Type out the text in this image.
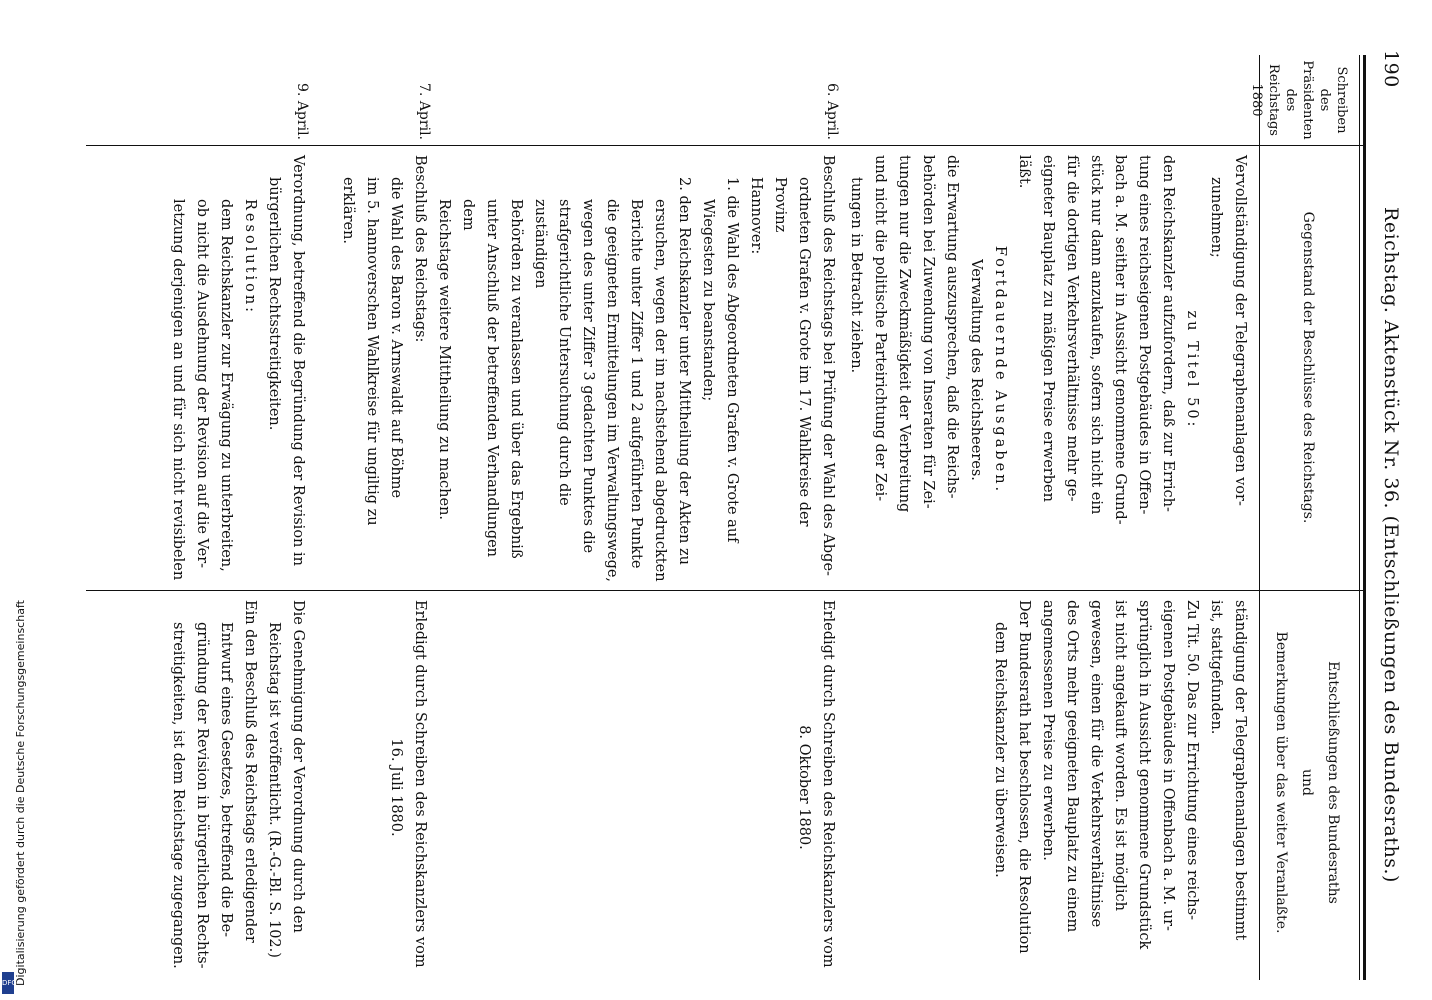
190
Reichstag. Aktenstück Nr. 36. (Entschließungen des Bundesraths.)
Schreiben
des
Präsidenten
des
Reichstags
1880
Gegenstand der Beschlüsse des Reichstags.
Entschließungen des Bundesraths
und
Bemerkungen über das weiter Veranlaßte.
Vervollständigung der Telegraphenanlagen vor-
zunehmen;
zu Titel 50:
den Reichskanzler aufzufordern, daß zur Errich-
tung eines reichseigenen Postgebäudes in Offen-
bach a. M. seither in Aussicht genommene Grund-
stück nur dann anzukaufen, sofern sich nicht ein
für die dortigen Verkehrsverhältnisse mehr ge-
eigneter Bauplatz zu mäßigen Preise erwerben
läßt.
Fortdauernde Ausgaben.
Verwaltung des Reichsheeres.
die Erwartung auszusprechen, daß die Reichs-
behörden bei Zuwendung von Inseraten für Zei-
tungen nur die Zweckmäßigkeit der Verbreitung
und nicht die politische Parteirichtung der Zei-
tungen in Betracht ziehen.
ständigung der Telegraphenanlagen bestimmt
ist, stattgefunden.
Zu Tit. 50. Das zur Errichtung eines reichs-
eigenen Postgebäudes in Offenbach a. M. ur-
sprünglich in Aussicht genommene Grundstück
ist nicht angekauft worden. Es ist möglich
gewesen, einen für die Verkehrsverhältnisse
des Orts mehr geeigneten Bauplatz zu einem
angemessenen Preise zu erwerben.
Der Bundesrath hat beschlossen, die Resolution
dem Reichskanzler zu überweisen.
6. April.
Beschluß des Reichstags bei Prüfung der Wahl des Abge-
ordneten Grafen v. Grote im 17. Wahlkreise der Provinz
Hannover:
1. die Wahl des Abgeordneten Grafen v. Grote auf
Wiegesten zu beanstanden;
2. den Reichskanzler unter Mittheilung der Akten zu
ersuchen, wegen der im nachstehend abgedruckten
Berichte unter Ziffer 1 und 2 aufgeführten Punkte
die geeigneten Ermittelungen im Verwaltungswege,
wegen des unter Ziffer 3 gedachten Punktes die
strafgerichtliche Untersuchung durch die zuständigen
Behörden zu veranlassen und über das Ergebniß
unter Anschluß der betreffenden Verhandlungen dem
Reichstage weitere Mittheilung zu machen.
Erledigt durch Schreiben des Reichskanzlers vom
8. Oktober 1880.
7. April.
Beschluß des Reichstags:
die Wahl des Baron v. Arnswaldt auf Böhme
im 5. hannoverschen Wahlkreise für ungiltig zu
erklären.
Erledigt durch Schreiben des Reichskanzlers vom
16. Juli 1880.
9. April.
Verordnung, betreffend die Begründung der Revision in
bürgerlichen Rechtsstreitigkeiten.
Resolution:
dem Reichskanzler zur Erwägung zu unterbreiten,
ob nicht die Ausdehnung der Revision auf die Ver-
letzung derjenigen an und für sich nicht revisibelen
Die Genehmigung der Verordnung durch den
Reichstag ist veröffentlicht. (R.-G.-Bl. S. 102.)
Ein den Beschluß des Reichstags erledigender
Entwurf eines Gesetzes, betreffend die Be-
gründung der Revision in bürgerlichen Rechts-
streitigkeiten, ist dem Reichstage zugegangen.
Digitalisierung gefördert durch die Deutsche Forschungsgemeinschaft
DFG
